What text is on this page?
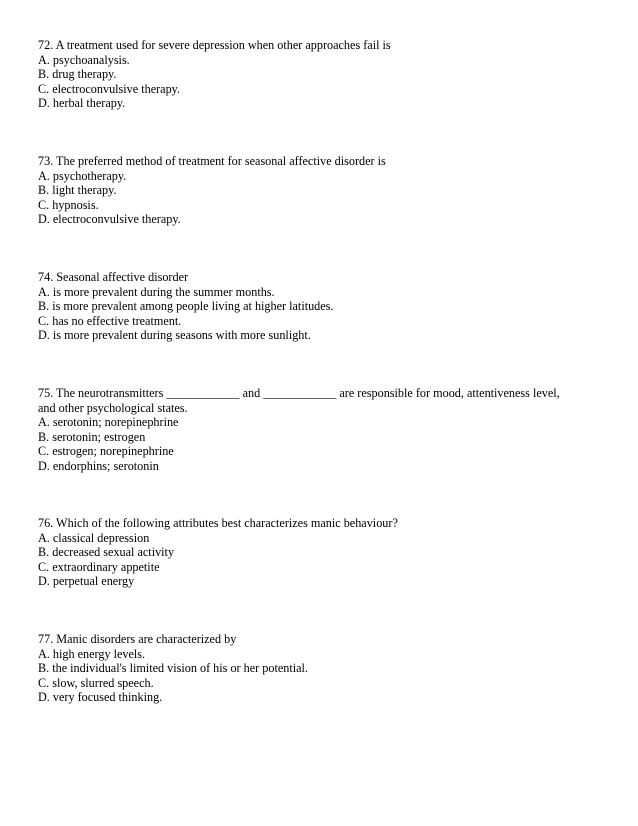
72. A treatment used for severe depression when other approaches fail is
A. psychoanalysis.
B. drug therapy.
C. electroconvulsive therapy.
D. herbal therapy.
73. The preferred method of treatment for seasonal affective disorder is
A. psychotherapy.
B. light therapy.
C. hypnosis.
D. electroconvulsive therapy.
74. Seasonal affective disorder
A. is more prevalent during the summer months.
B. is more prevalent among people living at higher latitudes.
C. has no effective treatment.
D. is more prevalent during seasons with more sunlight.
75. The neurotransmitters ____________ and ____________ are responsible for mood, attentiveness level,
and other psychological states.
A. serotonin; norepinephrine
B. serotonin; estrogen
C. estrogen; norepinephrine
D. endorphins; serotonin
76. Which of the following attributes best characterizes manic behaviour?
A. classical depression
B. decreased sexual activity
C. extraordinary appetite
D. perpetual energy
77. Manic disorders are characterized by
A. high energy levels.
B. the individual's limited vision of his or her potential.
C. slow, slurred speech.
D. very focused thinking.
